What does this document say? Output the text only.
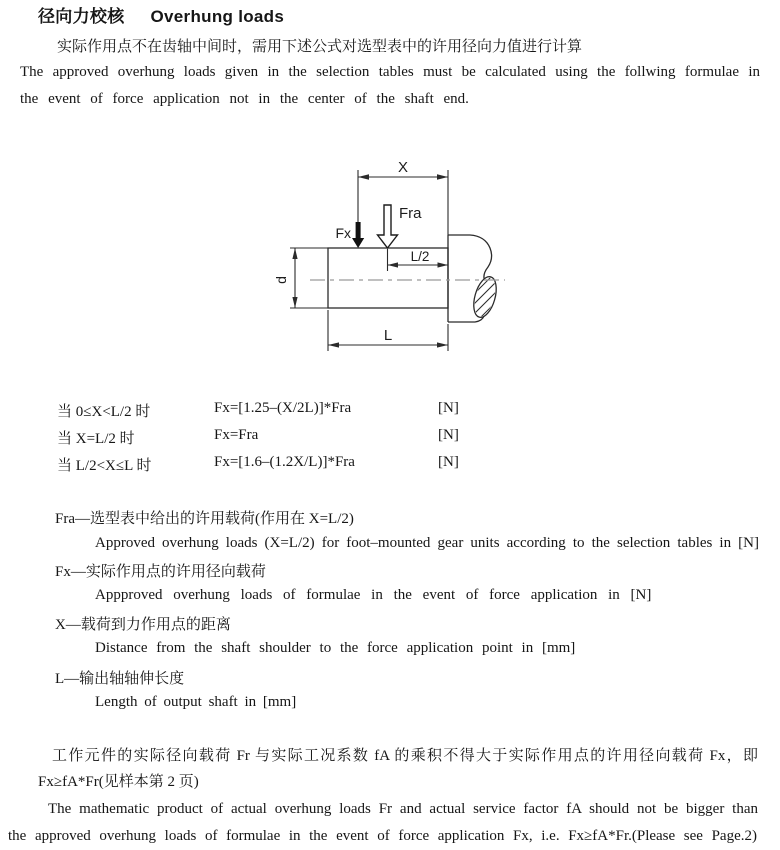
径向力校核 Overhung loads
实际作用点不在齿轴中间时，需用下述公式对选型表中的许用径向力值进行计算
The approved overhung loads given in the selection tables must be calculated using the follwing formulae in
the event of force application not in the center of the shaft end.
X
Fx
Fra
L/2
d
L
当 0≤X<L/2 时	Fx=[1.25–(X/2L)]*Fra	[N]
当 X=L/2 时	Fx=Fra	[N]
当 L/2<X≤L 时	Fx=[1.6–(1.2X/L)]*Fra	[N]
Fra—选型表中给出的许用载荷(作用在 X=L/2)
Approved overhung loads (X=L/2) for foot–mounted gear units according to the selection tables in [N]
Fx—实际作用点的许用径向载荷
Appproved overhung loads of formulae in the event of force application in [N]
X—载荷到力作用点的距离
Distance from the shaft shoulder to the force application point in [mm]
L—输出轴轴伸长度
Length of output shaft in [mm]
工作元件的实际径向载荷 Fr 与实际工况系数 fA 的乘积不得大于实际作用点的许用径向载荷 Fx，即
Fx≥fA*Fr(见样本第 2 页)
The mathematic product of actual overhung loads Fr and actual service factor fA should not be bigger than
the approved overhung loads of formulae in the event of force application Fx, i.e. Fx≥fA*Fr.(Please see Page.2)
